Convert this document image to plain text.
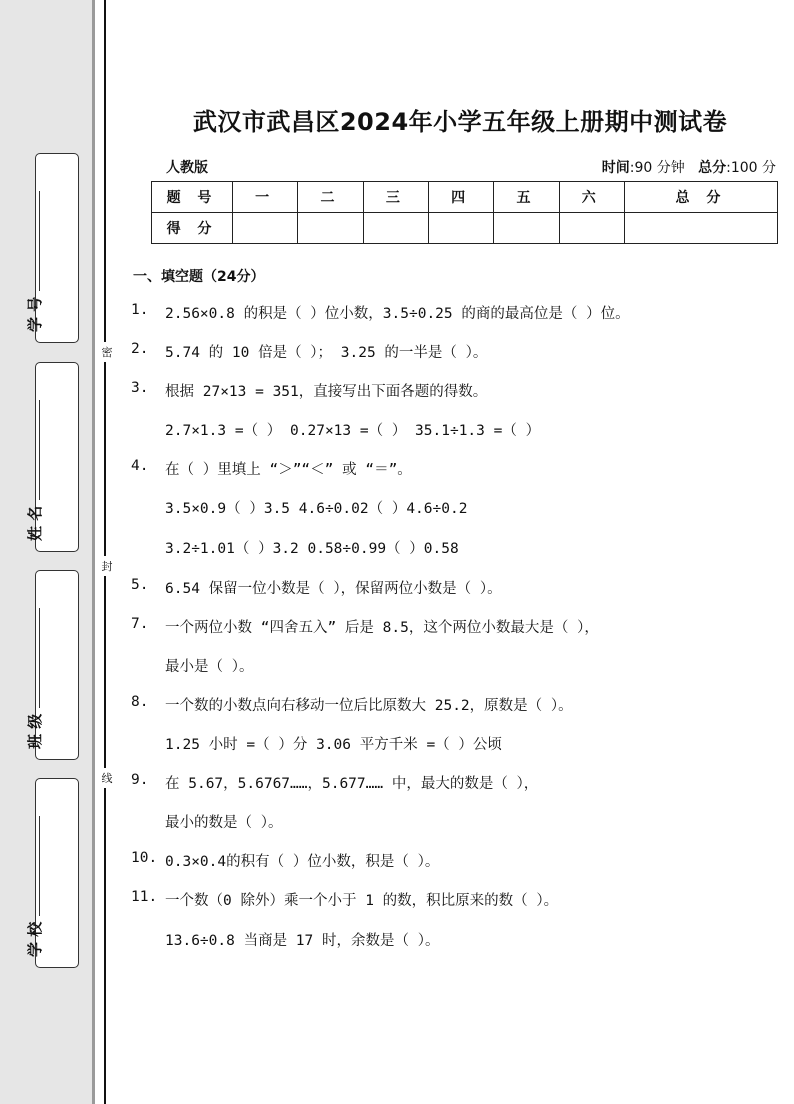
学 号
姓 名
班 级
学 校
密
封
线
武汉市武昌区2024年小学五年级上册期中测试卷
人教版	时间:90 分钟 总分:100 分
题 号	一	二	三	四	五	六	总 分
得 分							
一、填空题（24分）
1. 2.56×0.8 的积是（ ）位小数，3.5÷0.25 的商的最高位是（ ）位。
2. 5.74 的 10 倍是（ ）； 3.25 的一半是（ ）。
3. 根据 27×13 = 351，直接写出下面各题的得数。
2.7×1.3 =（ ） 0.27×13 =（ ） 35.1÷1.3 =（ ）
4. 在（ ）里填上 “＞”“＜” 或 “＝”。
3.5×0.9（ ）3.5 4.6÷0.02（ ）4.6÷0.2
3.2÷1.01（ ）3.2 0.58÷0.99（ ）0.58
5. 6.54 保留一位小数是（ ），保留两位小数是（ ）。
7. 一个两位小数 “四舍五入” 后是 8.5，这个两位小数最大是（ ），
最小是（ ）。
8. 一个数的小数点向右移动一位后比原数大 25.2，原数是（ ）。
1.25 小时 =（ ）分 3.06 平方千米 =（ ）公顷
9. 在 5.67，5.6767……，5.677…… 中，最大的数是（ ），
最小的数是（ ）。
10. 0.3×0.4的积有（ ）位小数，积是（ ）。
11. 一个数（0 除外）乘一个小于 1 的数，积比原来的数（ ）。
13.6÷0.8 当商是 17 时，余数是（ ）。
